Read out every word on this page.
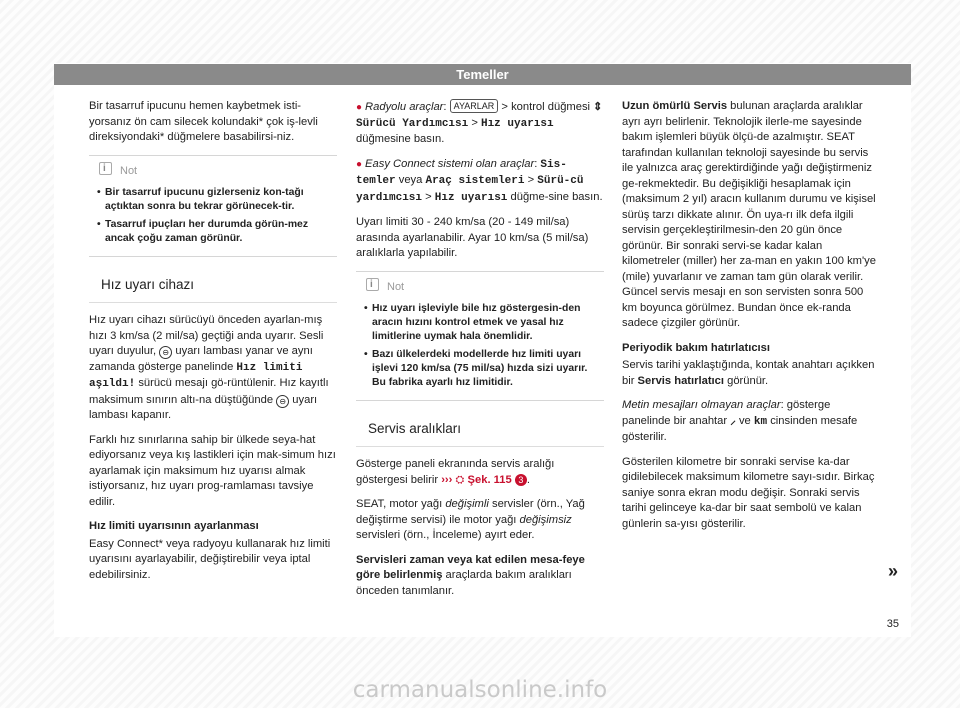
Temeller

Bir tasarruf ipucunu hemen kaybetmek isti-yorsanız ön cam silecek kolundaki* çok iş-levli direksiyondaki* düğmelere basabilirsi-niz.

iNot
• Bir tasarruf ipucunu gizlerseniz kon-tağı açtıktan sonra bu tekrar görünecek-tir.
• Tasarruf ipuçları her durumda görün-mez ancak çoğu zaman görünür.
Hız uyarı cihazı

Hız uyarı cihazı sürücüyü önceden ayarlan-mış hızı 3 km/sa (2 mil/sa) geçtiği anda uyarır. Sesli uyarı duyulur, ⊖ uyarı lambası yanar ve aynı zamanda gösterge panelinde Hız limiti aşıldı! sürücü mesajı gö-rüntülenir. Hız kayıtlı maksimum sınırın altı-na düştüğünde ⊖ uyarı lambası kapanır.

Farklı hız sınırlarına sahip bir ülkede seya-hat ediyorsanız veya kış lastikleri için mak-simum hızı ayarlamak için maksimum hız uyarısı almak istiyorsanız, hız uyarı prog-ramlaması tavsiye edilir.

Hız limiti uyarısının ayarlanması

Easy Connect* veya radyoyu kullanarak hız limiti uyarısını ayarlayabilir, değiştirebilir veya iptal edebilirsiniz.

● Radyolu araçlar: AYARLAR > kontrol düğmesi ⇕ Sürücü Yardımcısı > Hız uyarısı düğmesine basın.

● Easy Connect sistemi olan araçlar: Sis-temler veya Araç sistemleri > Sürü-cü yardımcısı > Hız uyarısı düğme-sine basın.

Uyarı limiti 30 - 240 km/sa (20 - 149 mil/sa) arasında ayarlanabilir. Ayar 10 km/sa (5 mil/sa) aralıklarla yapılabilir.

iNot
• Hız uyarı işleviyle bile hız göstergesin-den aracın hızını kontrol etmek ve yasal hız limitlerine uymak hala önemlidir.
• Bazı ülkelerdeki modellerde hız limiti uyarı işlevi 120 km/sa (75 mil/sa) hızda sizi uyarır. Bu fabrika ayarlı hız limitidir.
Servis aralıkları

Gösterge paneli ekranında servis aralığı göstergesi belirir ››› ⛭ Şek. 115 3 .

SEAT, motor yağı değişimli servisler (örn., Yağ değiştirme servisi) ile motor yağı değişimsiz servisleri (örn., İnceleme) ayırt eder.

Servisleri zaman veya kat edilen mesa-feye göre belirlenmiş araçlarda bakım aralıkları önceden tanımlanır.

Uzun ömürlü Servis bulunan araçlarda aralıklar ayrı ayrı belirlenir. Teknolojik ilerle-me sayesinde bakım işlemleri büyük ölçü-de azalmıştır. SEAT tarafından kullanılan teknoloji sayesinde bu servis ile yalnızca araç gerektirdiğinde yağı değiştirmeniz ge-rekmektedir. Bu değişikliği hesaplamak için (maksimum 2 yıl) aracın kullanım durumu ve kişisel sürüş tarzı dikkate alınır. Ön uya-rı ilk defa ilgili servisin gerçekleştirilmesin-den 20 gün önce görünür. Bir sonraki servi-se kadar kalan kilometreler (miller) her za-man en yakın 100 km'ye (mile) yuvarlanır ve zaman tam gün olarak verilir. Güncel servis mesajı en son servisten sonra 500 km boyunca görülmez. Bundan önce ek-randa sadece çizgiler görünür.

Periyodik bakım hatırlatıcısı

Servis tarihi yaklaştığında, kontak anahtarı açıkken bir Servis hatırlatıcı görünür.

Metin mesajları olmayan araçlar: gösterge panelinde bir anahtar ⸝ ve km cinsinden mesafe gösterilir.

Gösterilen kilometre bir sonraki servise ka-dar gidilebilecek maksimum kilometre sayı-sıdır. Birkaç saniye sonra ekran modu değişir. Sonraki servis tarihi gelinceye ka-dar bir saat sembolü ve kalan günlerin sa-yısı gösterilir.

»
35
carmanualsonline.info
